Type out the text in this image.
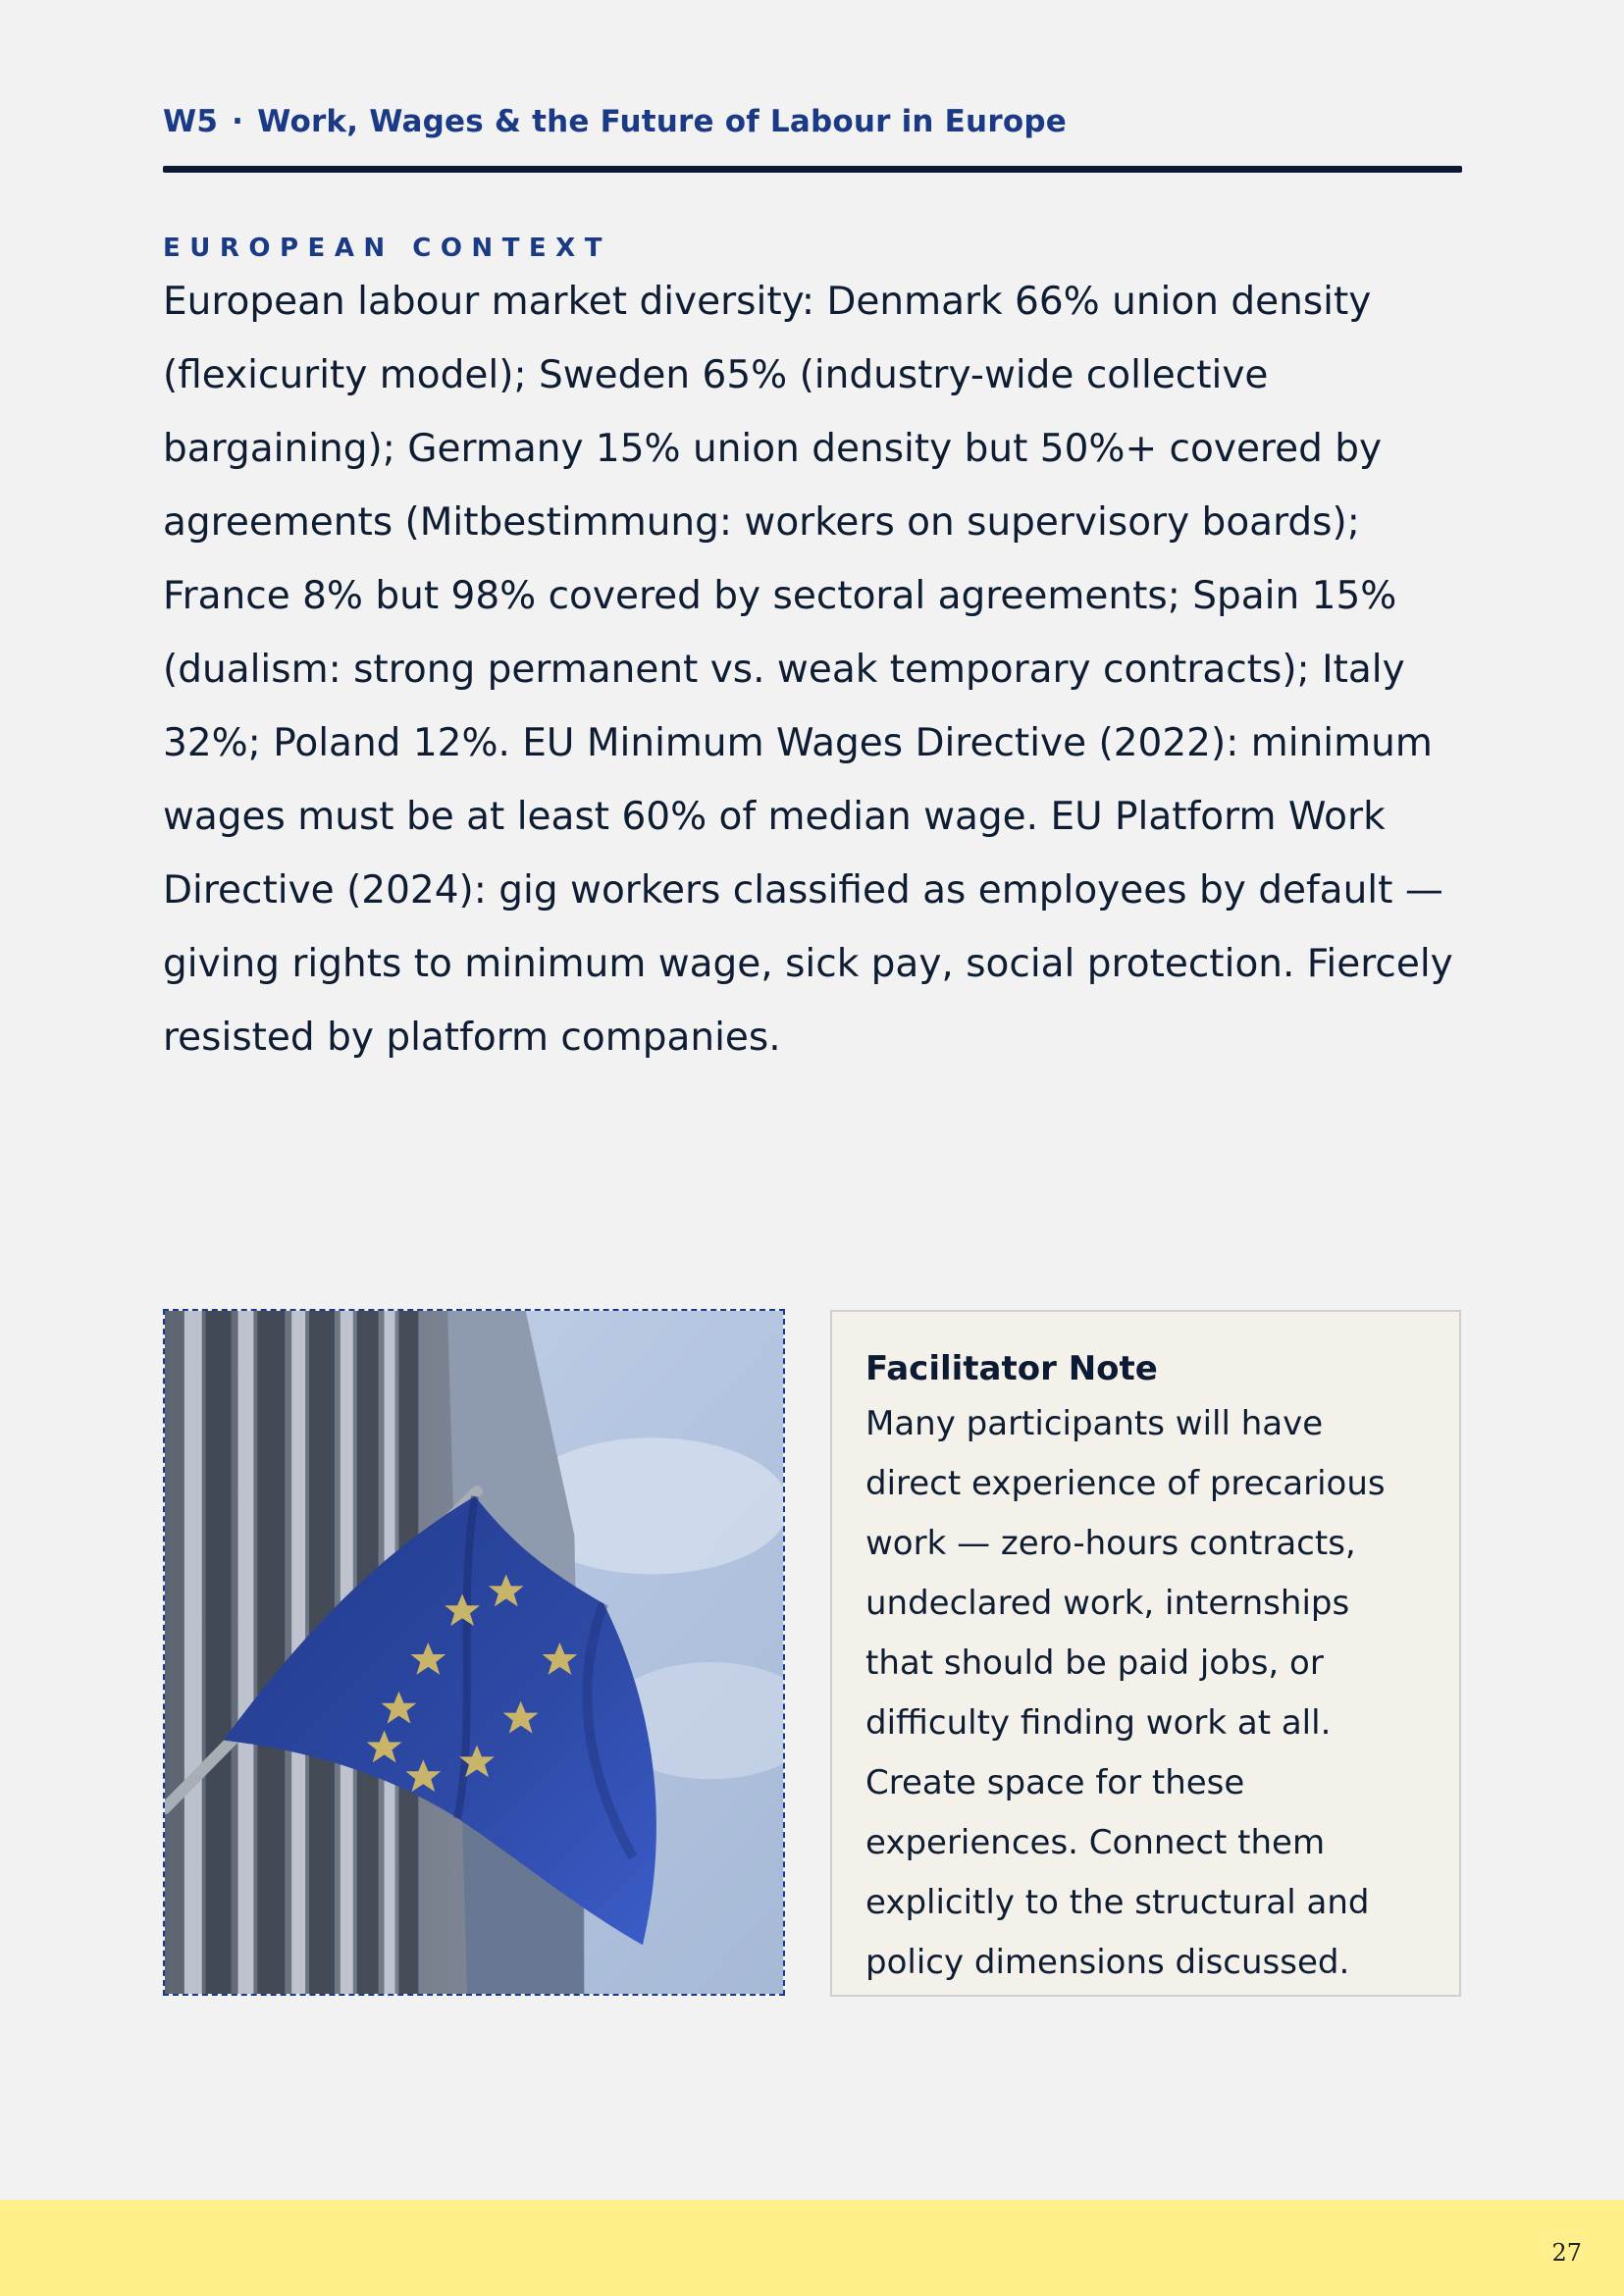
W5 · Work, Wages & the Future of Labour in Europe
EUROPEAN CONTEXT
European labour market diversity: Denmark 66% union density (flexicurity model); Sweden 65% (industry-wide collective bargaining); Germany 15% union density but 50%+ covered by agreements (Mitbestimmung: workers on supervisory boards); France 8% but 98% covered by sectoral agreements; Spain 15% (dualism: strong permanent vs. weak temporary contracts); Italy 32%; Poland 12%. EU Minimum Wages Directive (2022): minimum wages must be at least 60% of median wage. EU Platform Work Directive (2024): gig workers classified as employees by default — giving rights to minimum wage, sick pay, social protection. Fiercely resisted by platform companies.
Facilitator Note
Many participants will have direct experience of precarious work — zero-hours contracts, undeclared work, internships that should be paid jobs, or difficulty finding work at all. Create space for these experiences. Connect them explicitly to the structural and policy dimensions discussed.
27
